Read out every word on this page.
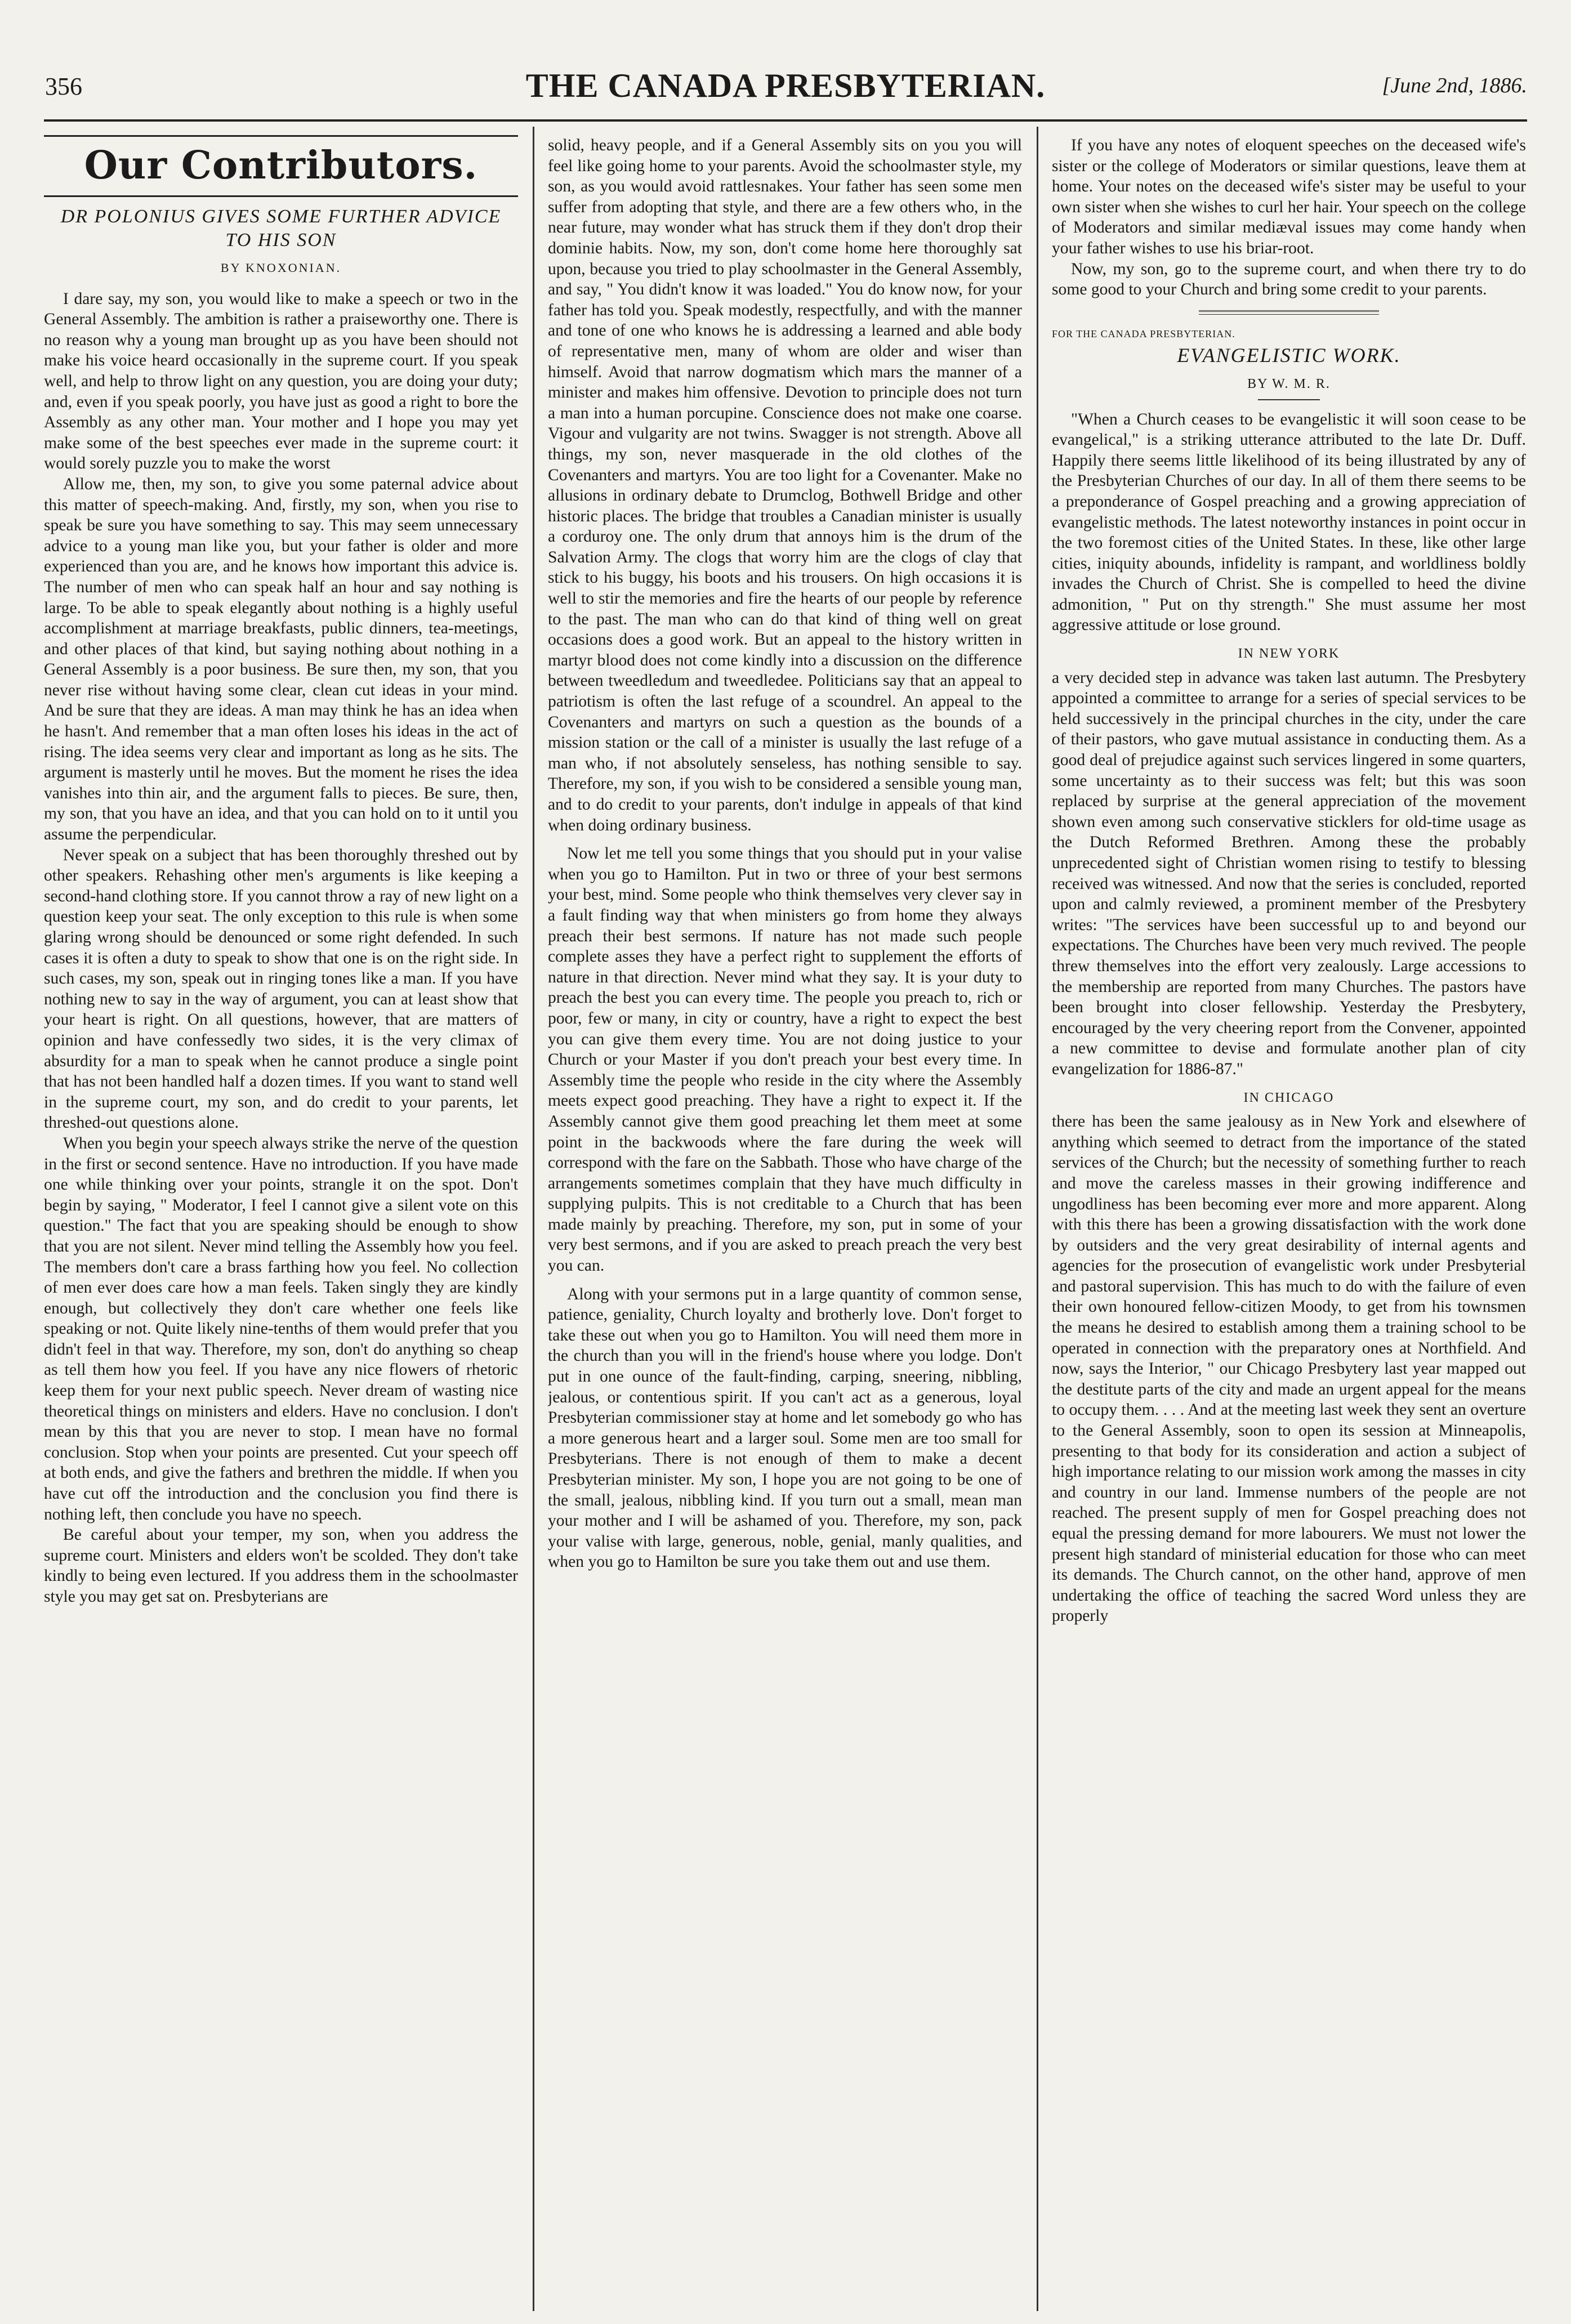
356	THE CANADA PRESBYTERIAN.	[June 2nd, 1886.
Our Contributors.
DR POLONIUS GIVES SOME FURTHER ADVICE TO HIS SON
BY KNOXONIAN.

I dare say, my son, you would like to make a speech or two in the General Assembly. The ambition is rather a praiseworthy one. There is no reason why a young man brought up as you have been should not make his voice heard occasionally in the supreme court. If you speak well, and help to throw light on any question, you are doing your duty; and, even if you speak poorly, you have just as good a right to bore the Assembly as any other man. Your mother and I hope you may yet make some of the best speeches ever made in the supreme court: it would sorely puzzle you to make the worst

Allow me, then, my son, to give you some paternal advice about this matter of speech-making. And, firstly, my son, when you rise to speak be sure you have something to say. This may seem unnecessary advice to a young man like you, but your father is older and more experienced than you are, and he knows how important this advice is. The number of men who can speak half an hour and say nothing is large. To be able to speak elegantly about nothing is a highly useful accomplishment at marriage breakfasts, public dinners, tea-meetings, and other places of that kind, but saying nothing about nothing in a General Assembly is a poor business. Be sure then, my son, that you never rise without having some clear, clean cut ideas in your mind. And be sure that they are ideas. A man may think he has an idea when he hasn't. And remember that a man often loses his ideas in the act of rising. The idea seems very clear and important as long as he sits. The argument is masterly until he moves. But the moment he rises the idea vanishes into thin air, and the argument falls to pieces. Be sure, then, my son, that you have an idea, and that you can hold on to it until you assume the perpendicular.

Never speak on a subject that has been thoroughly threshed out by other speakers. Rehashing other men's arguments is like keeping a second-hand clothing store. If you cannot throw a ray of new light on a question keep your seat. The only exception to this rule is when some glaring wrong should be denounced or some right defended. In such cases it is often a duty to speak to show that one is on the right side. In such cases, my son, speak out in ringing tones like a man. If you have nothing new to say in the way of argument, you can at least show that your heart is right. On all questions, however, that are matters of opinion and have confessedly two sides, it is the very climax of absurdity for a man to speak when he cannot produce a single point that has not been handled half a dozen times. If you want to stand well in the supreme court, my son, and do credit to your parents, let threshed-out questions alone.

When you begin your speech always strike the nerve of the question in the first or second sentence. Have no introduction. If you have made one while thinking over your points, strangle it on the spot. Don't begin by saying, " Moderator, I feel I cannot give a silent vote on this question." The fact that you are speaking should be enough to show that you are not silent. Never mind telling the Assembly how you feel. The members don't care a brass farthing how you feel. No collection of men ever does care how a man feels. Taken singly they are kindly enough, but collectively they don't care whether one feels like speaking or not. Quite likely nine-tenths of them would prefer that you didn't feel in that way. Therefore, my son, don't do anything so cheap as tell them how you feel. If you have any nice flowers of rhetoric keep them for your next public speech. Never dream of wasting nice theoretical things on ministers and elders. Have no conclusion. I don't mean by this that you are never to stop. I mean have no formal conclusion. Stop when your points are presented. Cut your speech off at both ends, and give the fathers and brethren the middle. If when you have cut off the introduction and the conclusion you find there is nothing left, then conclude you have no speech.

Be careful about your temper, my son, when you address the supreme court. Ministers and elders won't be scolded. They don't take kindly to being even lectured. If you address them in the schoolmaster style you may get sat on. Presbyterians are

solid, heavy people, and if a General Assembly sits on you you will feel like going home to your parents. Avoid the schoolmaster style, my son, as you would avoid rattlesnakes. Your father has seen some men suffer from adopting that style, and there are a few others who, in the near future, may wonder what has struck them if they don't drop their dominie habits. Now, my son, don't come home here thoroughly sat upon, because you tried to play schoolmaster in the General Assembly, and say, " You didn't know it was loaded." You do know now, for your father has told you. Speak modestly, respectfully, and with the manner and tone of one who knows he is addressing a learned and able body of representative men, many of whom are older and wiser than himself. Avoid that narrow dogmatism which mars the manner of a minister and makes him offensive. Devotion to principle does not turn a man into a human porcupine. Conscience does not make one coarse. Vigour and vulgarity are not twins. Swagger is not strength. Above all things, my son, never masquerade in the old clothes of the Covenanters and martyrs. You are too light for a Covenanter. Make no allusions in ordinary debate to Drumclog, Bothwell Bridge and other historic places. The bridge that troubles a Canadian minister is usually a corduroy one. The only drum that annoys him is the drum of the Salvation Army. The clogs that worry him are the clogs of clay that stick to his buggy, his boots and his trousers. On high occasions it is well to stir the memories and fire the hearts of our people by reference to the past. The man who can do that kind of thing well on great occasions does a good work. But an appeal to the history written in martyr blood does not come kindly into a discussion on the difference between tweedledum and tweedledee. Politicians say that an appeal to patriotism is often the last refuge of a scoundrel. An appeal to the Covenanters and martyrs on such a question as the bounds of a mission station or the call of a minister is usually the last refuge of a man who, if not absolutely senseless, has nothing sensible to say. Therefore, my son, if you wish to be considered a sensible young man, and to do credit to your parents, don't indulge in appeals of that kind when doing ordinary business.

Now let me tell you some things that you should put in your valise when you go to Hamilton. Put in two or three of your best sermons your best, mind. Some people who think themselves very clever say in a fault finding way that when ministers go from home they always preach their best sermons. If nature has not made such people complete asses they have a perfect right to supplement the efforts of nature in that direction. Never mind what they say. It is your duty to preach the best you can every time. The people you preach to, rich or poor, few or many, in city or country, have a right to expect the best you can give them every time. You are not doing justice to your Church or your Master if you don't preach your best every time. In Assembly time the people who reside in the city where the Assembly meets expect good preaching. They have a right to expect it. If the Assembly cannot give them good preaching let them meet at some point in the backwoods where the fare during the week will correspond with the fare on the Sabbath. Those who have charge of the arrangements sometimes complain that they have much difficulty in supplying pulpits. This is not creditable to a Church that has been made mainly by preaching. Therefore, my son, put in some of your very best sermons, and if you are asked to preach preach the very best you can.

Along with your sermons put in a large quantity of common sense, patience, geniality, Church loyalty and brotherly love. Don't forget to take these out when you go to Hamilton. You will need them more in the church than you will in the friend's house where you lodge. Don't put in one ounce of the fault-finding, carping, sneering, nibbling, jealous, or contentious spirit. If you can't act as a generous, loyal Presbyterian commissioner stay at home and let somebody go who has a more generous heart and a larger soul. Some men are too small for Presbyterians. There is not enough of them to make a decent Presbyterian minister. My son, I hope you are not going to be one of the small, jealous, nibbling kind. If you turn out a small, mean man your mother and I will be ashamed of you. Therefore, my son, pack your valise with large, generous, noble, genial, manly qualities, and when you go to Hamilton be sure you take them out and use them.

If you have any notes of eloquent speeches on the deceased wife's sister or the college of Moderators or similar questions, leave them at home. Your notes on the deceased wife's sister may be useful to your own sister when she wishes to curl her hair. Your speech on the college of Moderators and similar mediæval issues may come handy when your father wishes to use his briar-root.

Now, my son, go to the supreme court, and when there try to do some good to your Church and bring some credit to your parents.

FOR THE CANADA PRESBYTERIAN.
EVANGELISTIC WORK.
BY W. M. R.

"When a Church ceases to be evangelistic it will soon cease to be evangelical," is a striking utterance attributed to the late Dr. Duff. Happily there seems little likelihood of its being illustrated by any of the Presbyterian Churches of our day. In all of them there seems to be a preponderance of Gospel preaching and a growing appreciation of evangelistic methods. The latest noteworthy instances in point occur in the two foremost cities of the United States. In these, like other large cities, iniquity abounds, infidelity is rampant, and worldliness boldly invades the Church of Christ. She is compelled to heed the divine admonition, " Put on thy strength." She must assume her most aggressive attitude or lose ground.

IN NEW YORK

a very decided step in advance was taken last autumn. The Presbytery appointed a committee to arrange for a series of special services to be held successively in the principal churches in the city, under the care of their pastors, who gave mutual assistance in conducting them. As a good deal of prejudice against such services lingered in some quarters, some uncertainty as to their success was felt; but this was soon replaced by surprise at the general appreciation of the movement shown even among such conservative sticklers for old-time usage as the Dutch Reformed Brethren. Among these the probably unprecedented sight of Christian women rising to testify to blessing received was witnessed. And now that the series is concluded, reported upon and calmly reviewed, a prominent member of the Presbytery writes: "The services have been successful up to and beyond our expectations. The Churches have been very much revived. The people threw themselves into the effort very zealously. Large accessions to the membership are reported from many Churches. The pastors have been brought into closer fellowship. Yesterday the Presbytery, encouraged by the very cheering report from the Convener, appointed a new committee to devise and formulate another plan of city evangelization for 1886-87."

IN CHICAGO

there has been the same jealousy as in New York and elsewhere of anything which seemed to detract from the importance of the stated services of the Church; but the necessity of something further to reach and move the careless masses in their growing indifference and ungodliness has been becoming ever more and more apparent. Along with this there has been a growing dissatisfaction with the work done by outsiders and the very great desirability of internal agents and agencies for the prosecution of evangelistic work under Presbyterial and pastoral supervision. This has much to do with the failure of even their own honoured fellow-citizen Moody, to get from his townsmen the means he desired to establish among them a training school to be operated in connection with the preparatory ones at Northfield. And now, says the Interior, " our Chicago Presbytery last year mapped out the destitute parts of the city and made an urgent appeal for the means to occupy them. . . . And at the meeting last week they sent an overture to the General Assembly, soon to open its session at Minneapolis, presenting to that body for its consideration and action a subject of high importance relating to our mission work among the masses in city and country in our land. Immense numbers of the people are not reached. The present supply of men for Gospel preaching does not equal the pressing demand for more labourers. We must not lower the present high standard of ministerial education for those who can meet its demands. The Church cannot, on the other hand, approve of men undertaking the office of teaching the sacred Word unless they are properly
